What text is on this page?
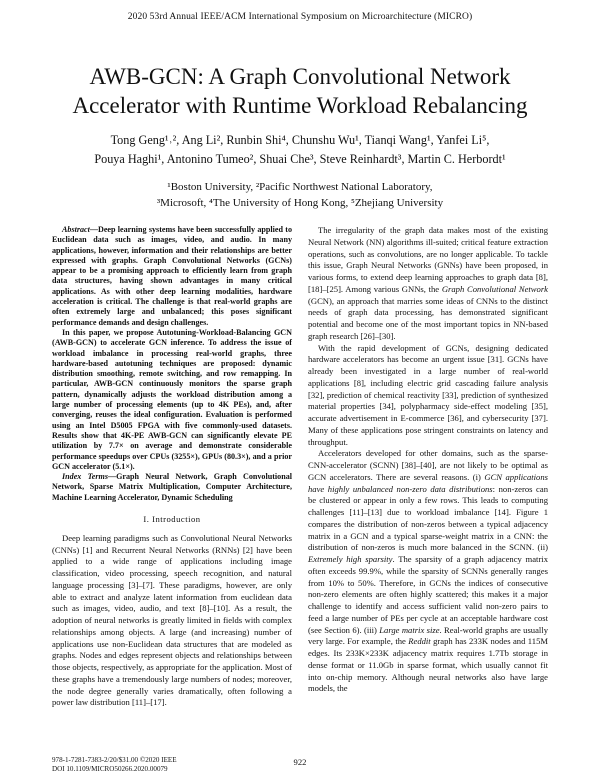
2020 53rd Annual IEEE/ACM International Symposium on Microarchitecture (MICRO)
AWB-GCN: A Graph Convolutional Network
Accelerator with Runtime Workload Rebalancing
Tong Geng¹˒², Ang Li², Runbin Shi⁴, Chunshu Wu¹, Tianqi Wang¹, Yanfei Li⁵,
Pouya Haghi¹, Antonino Tumeo², Shuai Che³, Steve Reinhardt³, Martin C. Herbordt¹
¹Boston University, ²Pacific Northwest National Laboratory,
³Microsoft, ⁴The University of Hong Kong, ⁵Zhejiang University

Abstract—Deep learning systems have been successfully applied to Euclidean data such as images, video, and audio. In many applications, however, information and their relationships are better expressed with graphs. Graph Convolutional Networks (GCNs) appear to be a promising approach to efficiently learn from graph data structures, having shown advantages in many critical applications. As with other deep learning modalities, hardware acceleration is critical. The challenge is that real-world graphs are often extremely large and unbalanced; this poses significant performance demands and design challenges.

In this paper, we propose Autotuning-Workload-Balancing GCN (AWB-GCN) to accelerate GCN inference. To address the issue of workload imbalance in processing real-world graphs, three hardware-based autotuning techniques are proposed: dynamic distribution smoothing, remote switching, and row remapping. In particular, AWB-GCN continuously monitors the sparse graph pattern, dynamically adjusts the workload distribution among a large number of processing elements (up to 4K PEs), and, after converging, reuses the ideal configuration. Evaluation is performed using an Intel D5005 FPGA with five commonly-used datasets. Results show that 4K-PE AWB-GCN can significantly elevate PE utilization by 7.7× on average and demonstrate considerable performance speedups over CPUs (3255×), GPUs (80.3×), and a prior GCN accelerator (5.1×).

Index Terms—Graph Neural Network, Graph Convolutional Network, Sparse Matrix Multiplication, Computer Architecture, Machine Learning Accelerator, Dynamic Scheduling

I. Introduction

Deep learning paradigms such as Convolutional Neural Networks (CNNs) [1] and Recurrent Neural Networks (RNNs) [2] have been applied to a wide range of applications including image classification, video processing, speech recognition, and natural language processing [3]–[7]. These paradigms, however, are only able to extract and analyze latent information from euclidean data such as images, video, audio, and text [8]–[10]. As a result, the adoption of neural networks is greatly limited in fields with complex relationships among objects. A large (and increasing) number of applications use non-Euclidean data structures that are modeled as graphs. Nodes and edges represent objects and relationships between those objects, respectively, as appropriate for the application. Most of these graphs have a tremendously large numbers of nodes; moreover, the node degree generally varies dramatically, often following a power law distribution [11]–[17].

The irregularity of the graph data makes most of the existing Neural Network (NN) algorithms ill-suited; critical feature extraction operations, such as convolutions, are no longer applicable. To tackle this issue, Graph Neural Networks (GNNs) have been proposed, in various forms, to extend deep learning approaches to graph data [8], [18]–[25]. Among various GNNs, the Graph Convolutional Network (GCN), an approach that marries some ideas of CNNs to the distinct needs of graph data processing, has demonstrated significant potential and become one of the most important topics in NN-based graph research [26]–[30].

With the rapid development of GCNs, designing dedicated hardware accelerators has become an urgent issue [31]. GCNs have already been investigated in a large number of real-world applications [8], including electric grid cascading failure analysis [32], prediction of chemical reactivity [33], prediction of synthesized material properties [34], polypharmacy side-effect modeling [35], accurate advertisement in E-commerce [36], and cybersecurity [37]. Many of these applications pose stringent constraints on latency and throughput.

Accelerators developed for other domains, such as the sparse-CNN-accelerator (SCNN) [38]–[40], are not likely to be optimal as GCN accelerators. There are several reasons. (i) GCN applications have highly unbalanced non-zero data distributions: non-zeros can be clustered or appear in only a few rows. This leads to computing challenges [11]–[13] due to workload imbalance [14]. Figure 1 compares the distribution of non-zeros between a typical adjacency matrix in a GCN and a typical sparse-weight matrix in a CNN: the distribution of non-zeros is much more balanced in the SCNN. (ii) Extremely high sparsity. The sparsity of a graph adjacency matrix often exceeds 99.9%, while the sparsity of SCNNs generally ranges from 10% to 50%. Therefore, in GCNs the indices of consecutive non-zero elements are often highly scattered; this makes it a major challenge to identify and access sufficient valid non-zero pairs to feed a large number of PEs per cycle at an acceptable hardware cost (see Section 6). (iii) Large matrix size. Real-world graphs are usually very large. For example, the Reddit graph has 233K nodes and 115M edges. Its 233K×233K adjacency matrix requires 1.7Tb storage in dense format or 11.0Gb in sparse format, which usually cannot fit into on-chip memory. Although neural networks also have large models, the

978-1-7281-7383-2/20/$31.00 ©2020 IEEE
DOI 10.1109/MICRO50266.2020.00079
922
